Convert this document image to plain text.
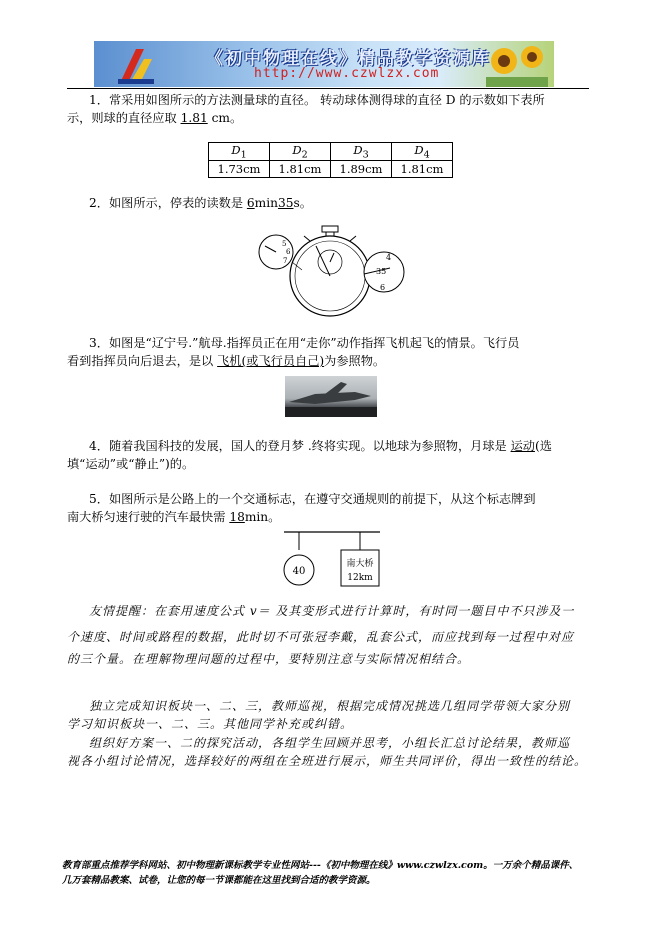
《初中物理在线》精品教学资源库
http://www.czwlzx.com
1．常采用如图所示的方法测量球的直径。 转动球体测得球的直径 D 的示数如下表所
示，则球的直径应取 1.81 cm。
$D_1$	$D_2$	$D_3$	$D_4$
1.73cm	1.81cm	1.89cm	1.81cm
2．如图所示，停表的读数是 6min35s。
5
6
7	4
35
6
3．如图是“辽宁号.”航母.指挥员正在用“走你”动作指挥飞机起飞的情景。飞行员
看到指挥员向后退去，是以 飞机(或飞行员自己)为参照物。
4．随着我国科技的发展，国人的登月梦 .终将实现。以地球为参照物，月球是 运动(选
填“运动”或“静止”)的。
5．如图所示是公路上的一个交通标志，在遵守交通规则的前提下，从这个标志牌到
南大桥匀速行驶的汽车最快需 18min。
40
南大桥
12km
友情提醒：在套用速度公式 v＝ 及其变形式进行计算时，有时同一题目中不只涉及一
个速度、时间或路程的数据，此时切不可张冠李戴，乱套公式，而应找到每一过程中对应
的三个量。在理解物理问题的过程中，要特别注意与实际情况相结合。
独立完成知识板块一、二、三，教师巡视，根据完成情况挑选几组同学带领大家分别
学习知识板块一、二、三。其他同学补充或纠错。
组织好方案一、二的探究活动，各组学生回顾并思考，小组长汇总讨论结果，教师巡
视各小组讨论情况，选择较好的两组在全班进行展示，师生共同评价，得出一致性的结论。
教育部重点推荐学科网站、初中物理新课标教学专业性网站---《初中物理在线》www.czwlzx.com。一万余个精品课件、
几万套精品教案、试卷，让您的每一节课都能在这里找到合适的教学资源。
